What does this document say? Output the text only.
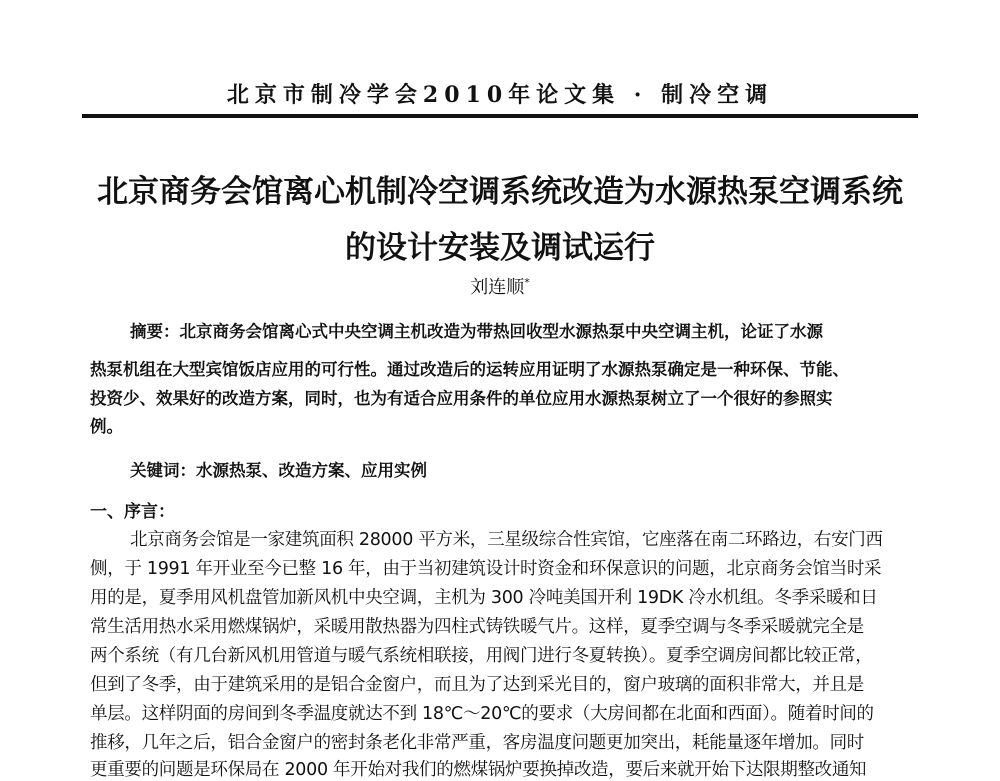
北京市制冷学会2010年论文集 · 制冷空调
北京商务会馆离心机制冷空调系统改造为水源热泵空调系统
的设计安装及调试运行
刘连顺*
摘要：北京商务会馆离心式中央空调主机改造为带热回收型水源热泵中央空调主机，论证了水源
热泵机组在大型宾馆饭店应用的可行性。通过改造后的运转应用证明了水源热泵确定是一种环保、节能、
投资少、效果好的改造方案，同时，也为有适合应用条件的单位应用水源热泵树立了一个很好的参照实
例。
关键词：水源热泵、改造方案、应用实例
一、序言：
北京商务会馆是一家建筑面积 28000 平方米，三星级综合性宾馆，它座落在南二环路边，右安门西
侧，于 1991 年开业至今已整 16 年，由于当初建筑设计时资金和环保意识的问题，北京商务会馆当时采
用的是，夏季用风机盘管加新风机中央空调，主机为 300 冷吨美国开利 19DK 冷水机组。冬季采暖和日
常生活用热水采用燃煤锅炉，采暖用散热器为四柱式铸铁暖气片。这样，夏季空调与冬季采暖就完全是
两个系统（有几台新风机用管道与暖气系统相联接，用阀门进行冬夏转换）。夏季空调房间都比较正常，
但到了冬季，由于建筑采用的是铝合金窗户，而且为了达到采光目的，窗户玻璃的面积非常大，并且是
单层。这样阴面的房间到冬季温度就达不到 18℃～20℃的要求（大房间都在北面和西面）。随着时间的
推移，几年之后，铝合金窗户的密封条老化非常严重，客房温度问题更加突出，耗能量逐年增加。同时
更重要的问题是环保局在 2000 年开始对我们的燃煤锅炉要换掉改造，要后来就开始下达限期整改通知
